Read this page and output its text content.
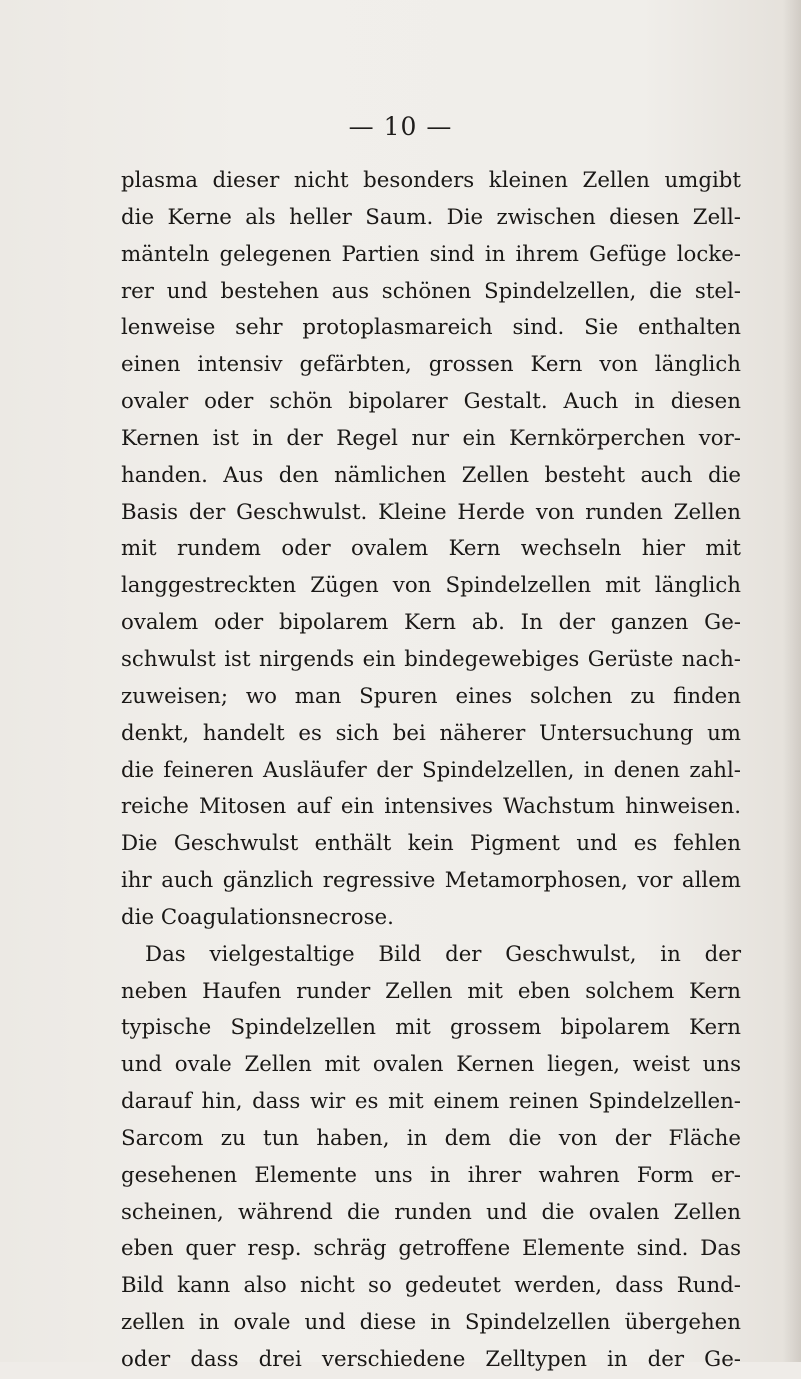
— 10 —
plasma dieser nicht besonders kleinen Zellen umgibt
die Kerne als heller Saum. Die zwischen diesen Zell-
mänteln gelegenen Partien sind in ihrem Gefüge locke-
rer und bestehen aus schönen Spindelzellen, die stel-
lenweise sehr protoplasmareich sind. Sie enthalten
einen intensiv gefärbten, grossen Kern von länglich
ovaler oder schön bipolarer Gestalt. Auch in diesen
Kernen ist in der Regel nur ein Kernkörperchen vor-
handen. Aus den nämlichen Zellen besteht auch die
Basis der Geschwulst. Kleine Herde von runden Zellen
mit rundem oder ovalem Kern wechseln hier mit
langgestreckten Zügen von Spindelzellen mit länglich
ovalem oder bipolarem Kern ab. In der ganzen Ge-
schwulst ist nirgends ein bindegewebiges Gerüste nach-
zuweisen; wo man Spuren eines solchen zu finden
denkt, handelt es sich bei näherer Untersuchung um
die feineren Ausläufer der Spindelzellen, in denen zahl-
reiche Mitosen auf ein intensives Wachstum hinweisen.
Die Geschwulst enthält kein Pigment und es fehlen
ihr auch gänzlich regressive Metamorphosen, vor allem
die Coagulationsnecrose.
Das vielgestaltige Bild der Geschwulst, in der
neben Haufen runder Zellen mit eben solchem Kern
typische Spindelzellen mit grossem bipolarem Kern
und ovale Zellen mit ovalen Kernen liegen, weist uns
darauf hin, dass wir es mit einem reinen Spindelzellen-
Sarcom zu tun haben, in dem die von der Fläche
gesehenen Elemente uns in ihrer wahren Form er-
scheinen, während die runden und die ovalen Zellen
eben quer resp. schräg getroffene Elemente sind. Das
Bild kann also nicht so gedeutet werden, dass Rund-
zellen in ovale und diese in Spindelzellen übergehen
oder dass drei verschiedene Zelltypen in der Ge-
